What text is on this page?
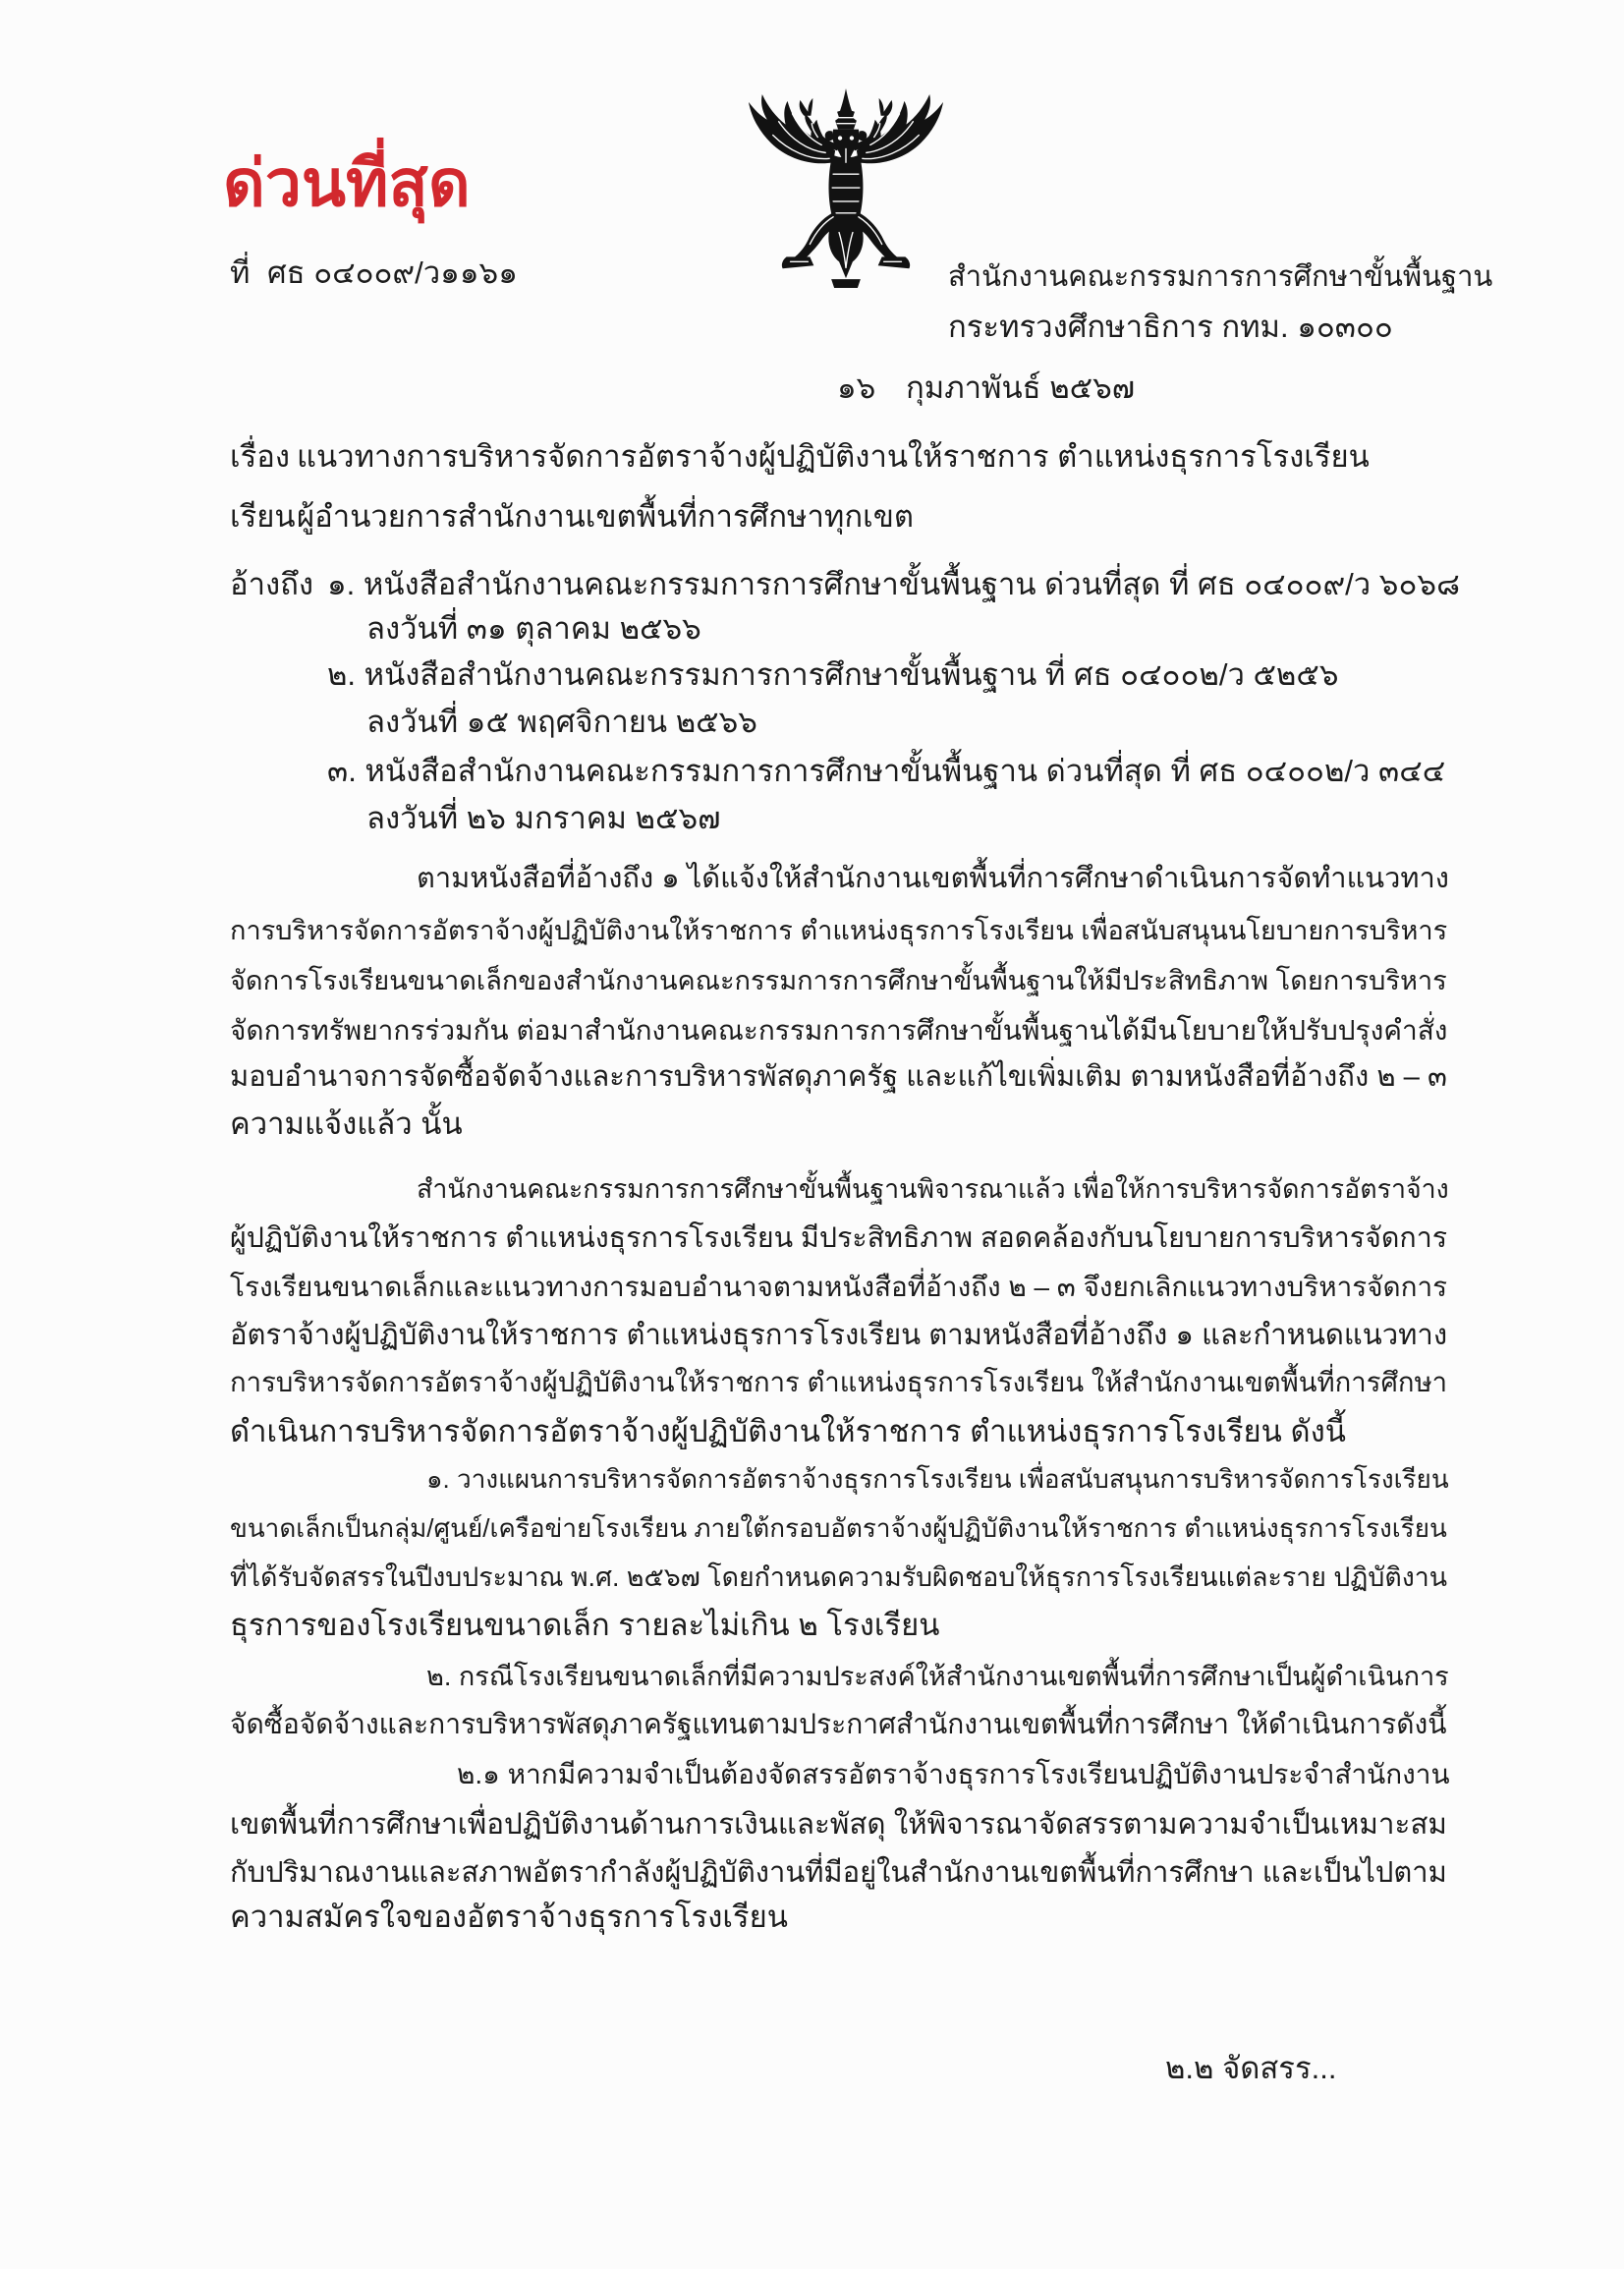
ด่วนที่สุด
ที่ ศธ ๐๔๐๐๙/ว๑๑๖๑	สำนักงานคณะกรรมการการศึกษาขั้นพื้นฐาน
กระทรวงศึกษาธิการ กทม. ๑๐๓๐๐
๑๖ กุมภาพันธ์ ๒๕๖๗
เรื่อง แนวทางการบริหารจัดการอัตราจ้างผู้ปฏิบัติงานให้ราชการ ตำแหน่งธุรการโรงเรียน
เรียน ผู้อำนวยการสำนักงานเขตพื้นที่การศึกษาทุกเขต
อ้างถึง ๑. หนังสือสำนักงานคณะกรรมการการศึกษาขั้นพื้นฐาน ด่วนที่สุด ที่ ศธ ๐๔๐๐๙/ว ๖๐๖๘
ลงวันที่ ๓๑ ตุลาคม ๒๕๖๖
๒. หนังสือสำนักงานคณะกรรมการการศึกษาขั้นพื้นฐาน ที่ ศธ ๐๔๐๐๒/ว ๕๒๕๖
ลงวันที่ ๑๕ พฤศจิกายน ๒๕๖๖
๓. หนังสือสำนักงานคณะกรรมการการศึกษาขั้นพื้นฐาน ด่วนที่สุด ที่ ศธ ๐๔๐๐๒/ว ๓๔๔
ลงวันที่ ๒๖ มกราคม ๒๕๖๗
ตามหนังสือที่อ้างถึง ๑ ได้แจ้งให้สำนักงานเขตพื้นที่การศึกษาดำเนินการจัดทำแนวทาง
การบริหารจัดการอัตราจ้างผู้ปฏิบัติงานให้ราชการ ตำแหน่งธุรการโรงเรียน เพื่อสนับสนุนนโยบายการบริหาร
จัดการโรงเรียนขนาดเล็กของสำนักงานคณะกรรมการการศึกษาขั้นพื้นฐานให้มีประสิทธิภาพ โดยการบริหาร
จัดการทรัพยากรร่วมกัน ต่อมาสำนักงานคณะกรรมการการศึกษาขั้นพื้นฐานได้มีนโยบายให้ปรับปรุงคำสั่ง
มอบอำนาจการจัดซื้อจัดจ้างและการบริหารพัสดุภาครัฐ และแก้ไขเพิ่มเติม ตามหนังสือที่อ้างถึง ๒ – ๓
ความแจ้งแล้ว นั้น
สำนักงานคณะกรรมการการศึกษาขั้นพื้นฐานพิจารณาแล้ว เพื่อให้การบริหารจัดการอัตราจ้าง
ผู้ปฏิบัติงานให้ราชการ ตำแหน่งธุรการโรงเรียน มีประสิทธิภาพ สอดคล้องกับนโยบายการบริหารจัดการ
โรงเรียนขนาดเล็กและแนวทางการมอบอำนาจตามหนังสือที่อ้างถึง ๒ – ๓ จึงยกเลิกแนวทางบริหารจัดการ
อัตราจ้างผู้ปฏิบัติงานให้ราชการ ตำแหน่งธุรการโรงเรียน ตามหนังสือที่อ้างถึง ๑ และกำหนดแนวทาง
การบริหารจัดการอัตราจ้างผู้ปฏิบัติงานให้ราชการ ตำแหน่งธุรการโรงเรียน ให้สำนักงานเขตพื้นที่การศึกษา
ดำเนินการบริหารจัดการอัตราจ้างผู้ปฏิบัติงานให้ราชการ ตำแหน่งธุรการโรงเรียน ดังนี้
๑. วางแผนการบริหารจัดการอัตราจ้างธุรการโรงเรียน เพื่อสนับสนุนการบริหารจัดการโรงเรียน
ขนาดเล็กเป็นกลุ่ม/ศูนย์/เครือข่ายโรงเรียน ภายใต้กรอบอัตราจ้างผู้ปฏิบัติงานให้ราชการ ตำแหน่งธุรการโรงเรียน
ที่ได้รับจัดสรรในปีงบประมาณ พ.ศ. ๒๕๖๗ โดยกำหนดความรับผิดชอบให้ธุรการโรงเรียนแต่ละราย ปฏิบัติงาน
ธุรการของโรงเรียนขนาดเล็ก รายละไม่เกิน ๒ โรงเรียน
๒. กรณีโรงเรียนขนาดเล็กที่มีความประสงค์ให้สำนักงานเขตพื้นที่การศึกษาเป็นผู้ดำเนินการ
จัดซื้อจัดจ้างและการบริหารพัสดุภาครัฐแทนตามประกาศสำนักงานเขตพื้นที่การศึกษา ให้ดำเนินการดังนี้
๒.๑ หากมีความจำเป็นต้องจัดสรรอัตราจ้างธุรการโรงเรียนปฏิบัติงานประจำสำนักงาน
เขตพื้นที่การศึกษาเพื่อปฏิบัติงานด้านการเงินและพัสดุ ให้พิจารณาจัดสรรตามความจำเป็นเหมาะสม
กับปริมาณงานและสภาพอัตรากำลังผู้ปฏิบัติงานที่มีอยู่ในสำนักงานเขตพื้นที่การศึกษา และเป็นไปตาม
ความสมัครใจของอัตราจ้างธุรการโรงเรียน
๒.๒ จัดสรร...
